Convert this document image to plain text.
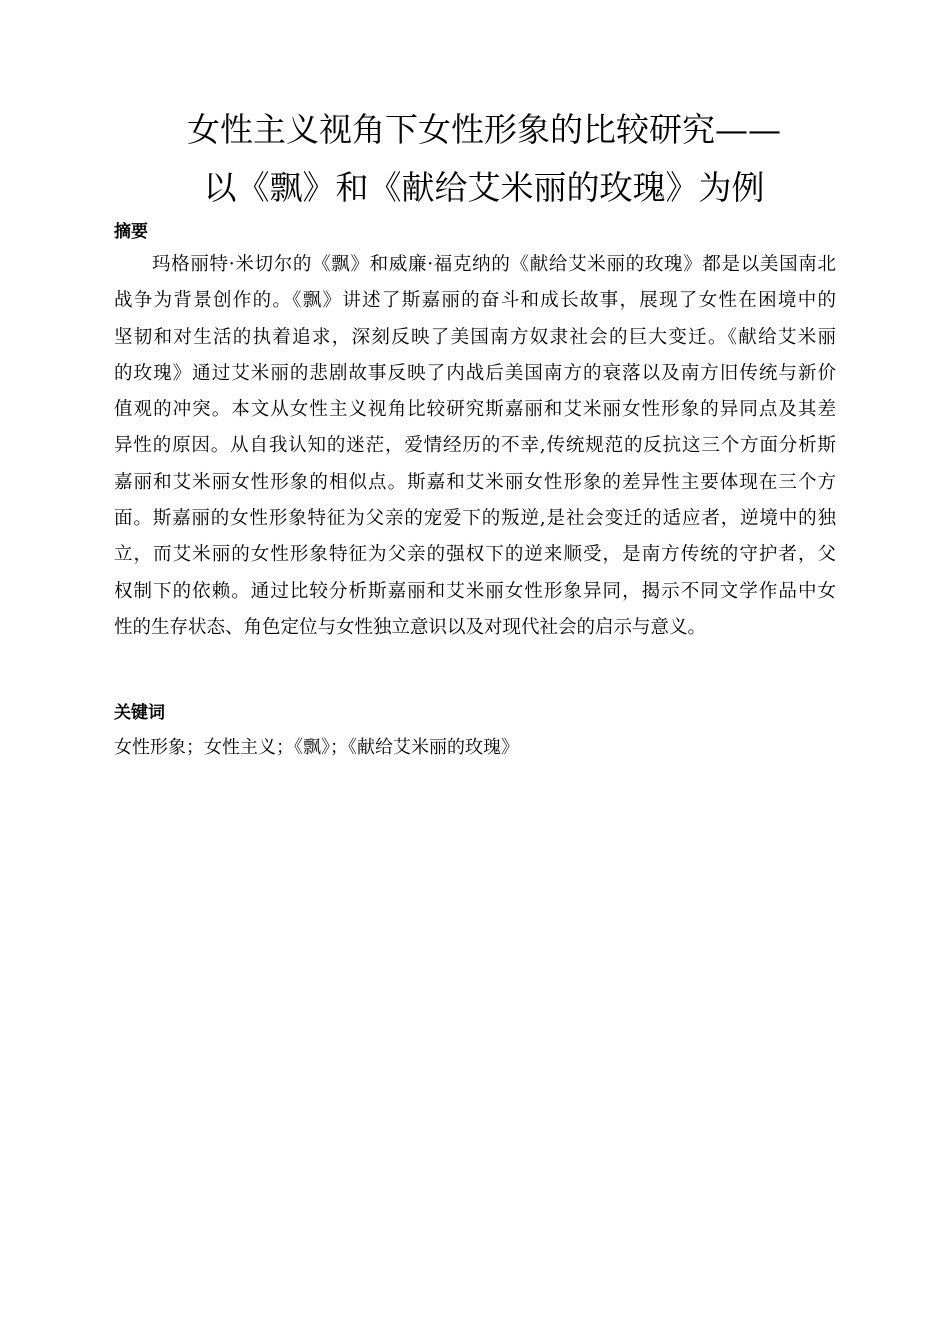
女性主义视角下女性形象的比较研究——
以《飘》和《献给艾米丽的玫瑰》为例
摘要
玛格丽特·米切尔的《飘》和威廉·福克纳的《献给艾米丽的玫瑰》都是以美国南北
战争为背景创作的。《飘》讲述了斯嘉丽的奋斗和成长故事，展现了女性在困境中的
坚韧和对生活的执着追求，深刻反映了美国南方奴隶社会的巨大变迁。《献给艾米丽
的玫瑰》通过艾米丽的悲剧故事反映了内战后美国南方的衰落以及南方旧传统与新价
值观的冲突。本文从女性主义视角比较研究斯嘉丽和艾米丽女性形象的异同点及其差
异性的原因。从自我认知的迷茫，爱情经历的不幸,传统规范的反抗这三个方面分析斯
嘉丽和艾米丽女性形象的相似点。斯嘉和艾米丽女性形象的差异性主要体现在三个方
面。斯嘉丽的女性形象特征为父亲的宠爱下的叛逆,是社会变迁的适应者，逆境中的独
立，而艾米丽的女性形象特征为父亲的强权下的逆来顺受，是南方传统的守护者，父
权制下的依赖。通过比较分析斯嘉丽和艾米丽女性形象异同，揭示不同文学作品中女
性的生存状态、角色定位与女性独立意识以及对现代社会的启示与意义。
关键词
女性形象；女性主义；《飘》；《献给艾米丽的玫瑰》
